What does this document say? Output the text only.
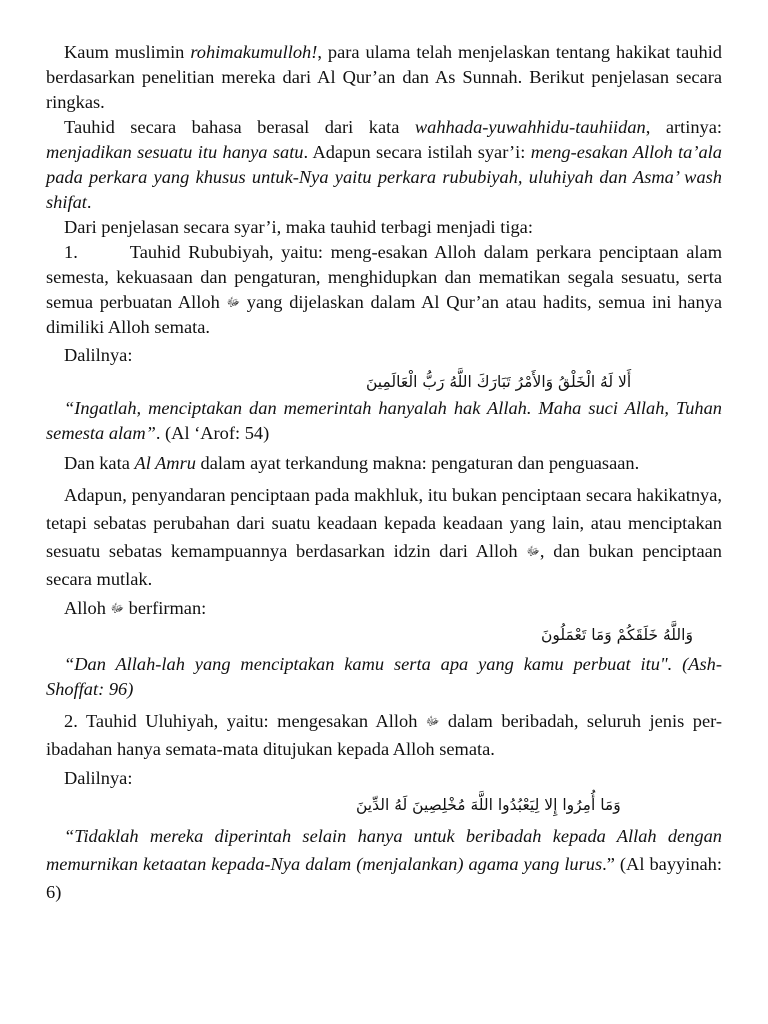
Kaum muslimin rohimakumulloh!, para ulama telah menjelaskan tentang hakikat tauhid berdasarkan penelitian mereka dari Al Qur’an dan As Sunnah. Berikut penjelasan secara ringkas.

Tauhid secara bahasa berasal dari kata wahhada-yuwahhidu-tauhiidan, artinya: menjadikan sesuatu itu hanya satu. Adapun secara istilah syar’i: meng-esakan Alloh ta’ala pada perkara yang khusus untuk-Nya yaitu perkara rububiyah, uluhiyah dan Asma’ wash shifat.

Dari penjelasan secara syar’i, maka tauhid terbagi menjadi tiga:

1.	Tauhid Rububiyah, yaitu: meng-esakan Alloh dalam perkara penciptaan alam semesta, kekuasaan dan pengaturan, menghidupkan dan mematikan segala sesuatu, serta semua perbuatan Alloh ﷻ yang dijelaskan dalam Al Qur’an atau hadits, semua ini hanya dimiliki Alloh semata.

Dalilnya:

أَلا لَهُ الْخَلْقُ وَالأَمْرُ تَبَارَكَ اللَّهُ رَبُّ الْعَالَمِينَ

“Ingatlah, menciptakan dan memerintah hanyalah hak Allah. Maha suci Allah, Tuhan semesta alam”. (Al ‘Arof: 54)

Dan kata Al Amru dalam ayat terkandung makna: pengaturan dan penguasaan.

Adapun, penyandaran penciptaan pada makhluk, itu bukan penciptaan secara hakikatnya, tetapi sebatas perubahan dari suatu keadaan kepada keadaan yang lain, atau menciptakan sesuatu sebatas kemampuannya berdasarkan idzin dari Alloh ﷻ, dan bukan penciptaan secara mutlak.

Alloh ﷻ berfirman:

وَاللَّهُ خَلَقَكُمْ وَمَا تَعْمَلُونَ

“Dan Allah-lah yang menciptakan kamu serta apa yang kamu perbuat itu". (Ash-Shoffat: 96)

2. Tauhid Uluhiyah, yaitu: mengesakan Alloh ﷻ dalam beribadah, seluruh jenis per-ibadahan hanya semata-mata ditujukan kepada Alloh semata.

Dalilnya:

وَمَا أُمِرُوا إِلا لِيَعْبُدُوا اللَّهَ مُخْلِصِينَ لَهُ الدِّينَ

“Tidaklah mereka diperintah selain hanya untuk beribadah kepada Allah dengan memurnikan ketaatan kepada-Nya dalam (menjalankan) agama yang lurus.” (Al bayyinah: 6)
